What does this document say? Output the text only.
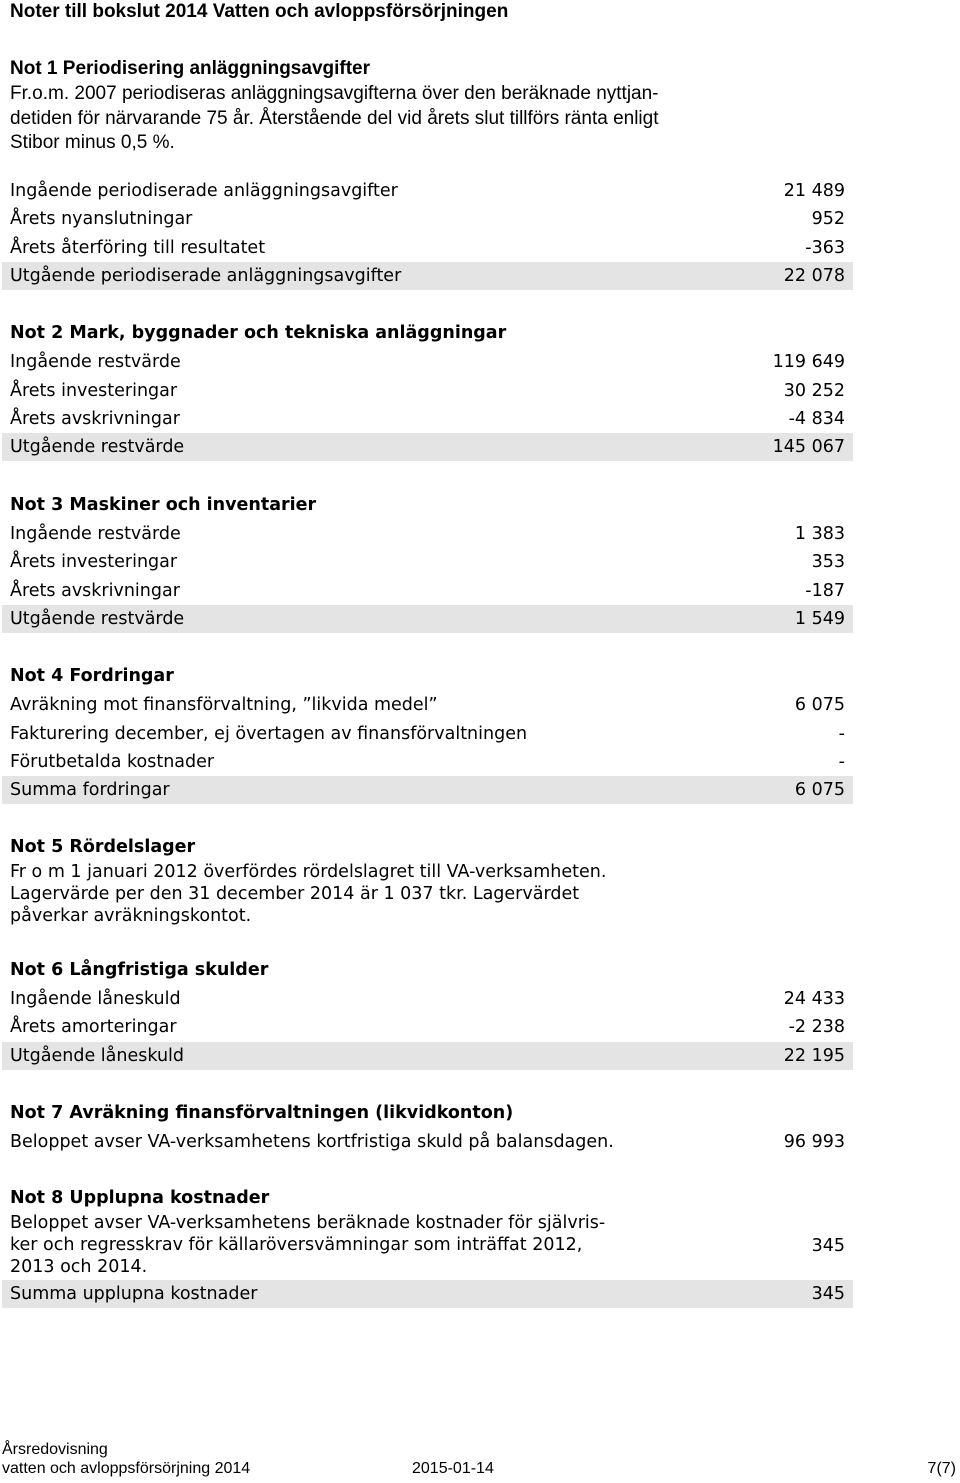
Noter till bokslut 2014 Vatten och avloppsförsörjningen
Not 1 Periodisering anläggningsavgifter
Fr.o.m. 2007 periodiseras anläggningsavgifterna över den beräknade nyttjan-
detiden för närvarande 75 år. Återstående del vid årets slut tillförs ränta enligt
Stibor minus 0,5 %.
Ingående periodiserade anläggningsavgifter	21 489
Årets nyanslutningar	952
Årets återföring till resultatet	-363
Utgående periodiserade anläggningsavgifter	22 078
Not 2 Mark, byggnader och tekniska anläggningar
Ingående restvärde	119 649
Årets investeringar	30 252
Årets avskrivningar	-4 834
Utgående restvärde	145 067
Not 3 Maskiner och inventarier
Ingående restvärde	1 383
Årets investeringar	353
Årets avskrivningar	-187
Utgående restvärde	1 549
Not 4 Fordringar
Avräkning mot finansförvaltning, ”likvida medel”	6 075
Fakturering december, ej övertagen av finansförvaltningen	-
Förutbetalda kostnader	-
Summa fordringar	6 075
Not 5 Rördelslager
Fr o m 1 januari 2012 överfördes rördelslagret till VA-verksamheten.
Lagervärde per den 31 december 2014 är 1 037 tkr. Lagervärdet
påverkar avräkningskontot.
Not 6 Långfristiga skulder
Ingående låneskuld	24 433
Årets amorteringar	-2 238
Utgående låneskuld	22 195
Not 7 Avräkning finansförvaltningen (likvidkonton)
Beloppet avser VA-verksamhetens kortfristiga skuld på balansdagen.	96 993
Not 8 Upplupna kostnader
Beloppet avser VA-verksamhetens beräknade kostnader för självris-
ker och regresskrav för källaröversvämningar som inträffat 2012,
2013 och 2014.
345
Summa upplupna kostnader	345
Årsredovisning
vatten och avloppsförsörjning 2014	2015-01-14	7(7)
